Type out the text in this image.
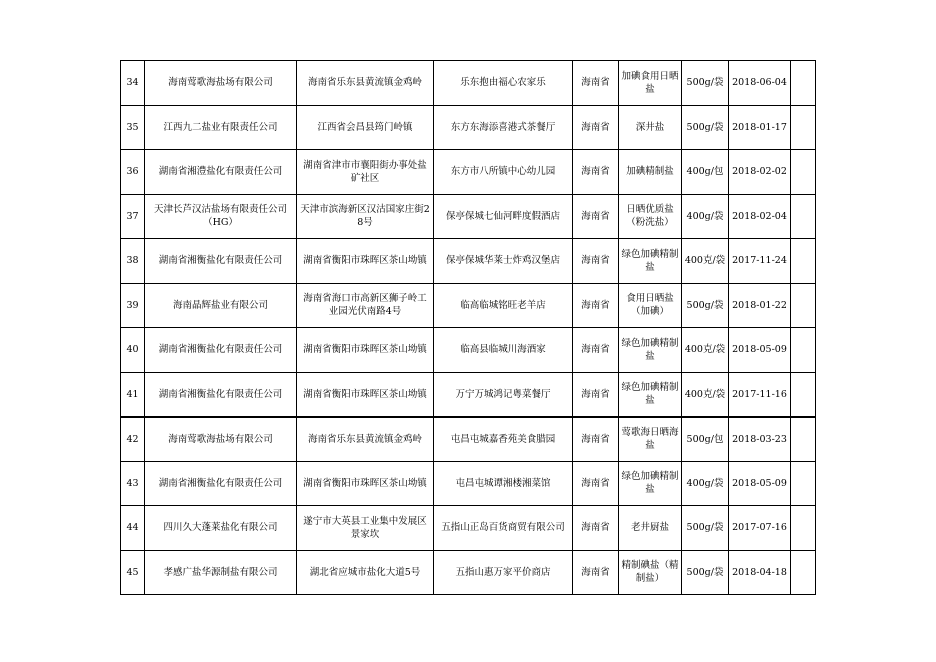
34	海南莺歌海盐场有限公司	海南省乐东县黄流镇金鸡岭	乐东抱由福心农家乐	海南省	加碘食用日晒盐	500g/袋	2018-06-04	
35	江西九二盐业有限责任公司	江西省会昌县筠门岭镇	东方东海添喜港式茶餐厅	海南省	深井盐	500g/袋	2018-01-17	
36	湖南省湘澧盐化有限责任公司	湖南省津市市襄阳街办事处盐矿社区	东方市八所镇中心幼儿园	海南省	加碘精制盐	400g/包	2018-02-02	
37	天津长芦汉沽盐场有限责任公司（HG）	天津市滨海新区汉沽国家庄街28号	保亭保城七仙河畔度假酒店	海南省	日晒优质盐（粉洗盐）	400g/袋	2018-02-04	
38	湖南省湘衡盐化有限责任公司	湖南省衡阳市珠晖区茶山坳镇	保亭保城华莱士炸鸡汉堡店	海南省	绿色加碘精制盐	400克/袋	2017-11-24	
39	海南晶辉盐业有限公司	海南省海口市高新区狮子岭工业园光伏南路4号	临高临城铭旺老羊店	海南省	食用日晒盐（加碘）	500g/袋	2018-01-22	
40	湖南省湘衡盐化有限责任公司	湖南省衡阳市珠晖区茶山坳镇	临高县临城川海酒家	海南省	绿色加碘精制盐	400克/袋	2018-05-09	
41	湖南省湘衡盐化有限责任公司	湖南省衡阳市珠晖区茶山坳镇	万宁万城鸿记粤菜餐厅	海南省	绿色加碘精制盐	400克/袋	2017-11-16	
42	海南莺歌海盐场有限公司	海南省乐东县黄流镇金鸡岭	屯昌屯城嘉香苑美食腊园	海南省	莺歌海日晒海盐	500g/包	2018-03-23	
43	湖南省湘衡盐化有限责任公司	湖南省衡阳市珠晖区茶山坳镇	屯昌屯城谭湘楼湘菜馆	海南省	绿色加碘精制盐	400g/袋	2018-05-09	
44	四川久大蓬莱盐化有限公司	遂宁市大英县工业集中发展区景家坎	五指山正岛百货商贸有限公司	海南省	老井厨盐	500g/袋	2017-07-16	
45	孝感广盐华源制盐有限公司	湖北省应城市盐化大道5号	五指山惠万家平价商店	海南省	精制碘盐（精制盐）	500g/袋	2018-04-18	
